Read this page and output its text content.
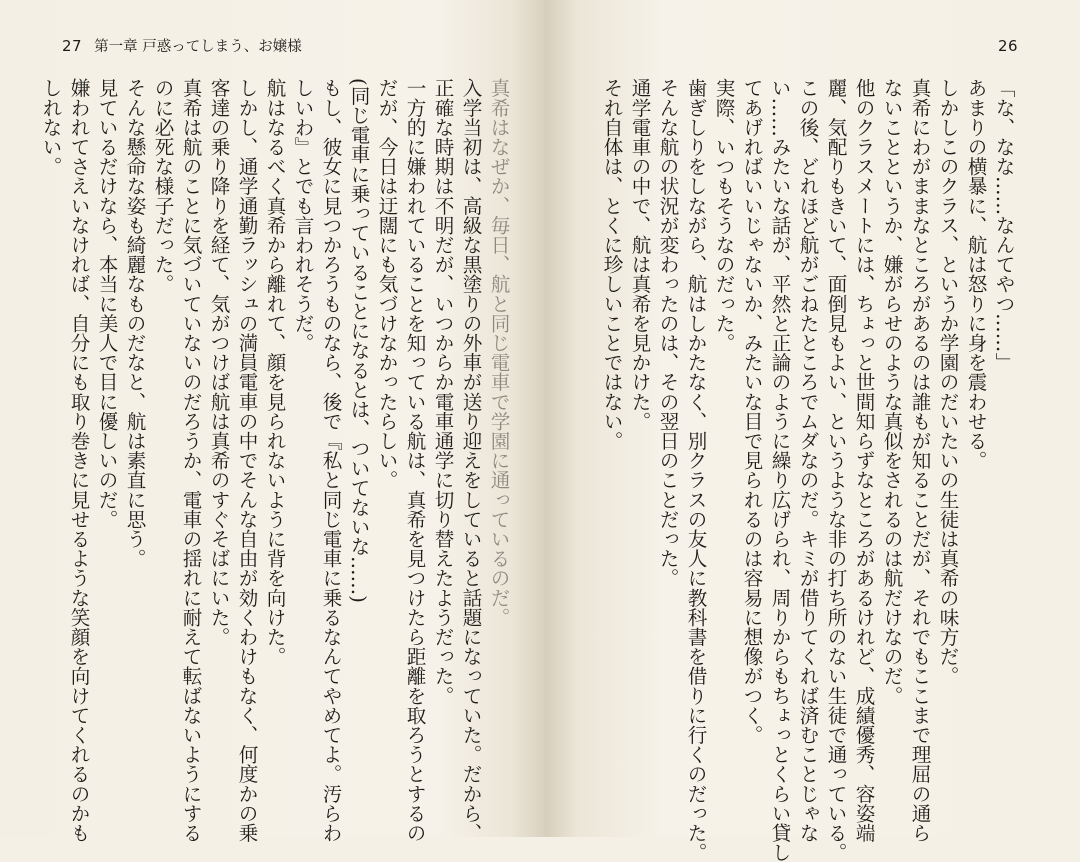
27 第一章 戸惑ってしまう、お嬢様
真希はなぜか、毎日、航と同じ電車で学園に通っているのだ。
入学当初は、高級な黒塗りの外車が送り迎えをしていると話題になっていた。だから、
正確な時期は不明だが、いつからか電車通学に切り替えたようだった。
一方的に嫌われていることを知っている航は、真希を見つけたら距離を取ろうとするの
だが、今日は迂闊にも気づけなかったらしい。
(同じ電車に乗っていることになるとは、ついてないな……)
もし、彼女に見つかろうものなら、後で『私と同じ電車に乗るなんてやめてよ。汚らわ
しいわ』とでも言われそうだ。
航はなるべく真希から離れて、顔を見られないように背を向けた。
しかし、通学通勤ラッシュの満員電車の中でそんな自由が効くわけもなく、何度かの乗
客達の乗り降りを経て、気がつけば航は真希のすぐそばにいた。
真希は航のことに気づいていないのだろうか、電車の揺れに耐えて転ばないようにする
のに必死な様子だった。
そんな懸命な姿も綺麗なものだなと、航は素直に思う。
見ているだけなら、本当に美人で目に優しいのだ。
嫌われてさえいなければ、自分にも取り巻きに見せるような笑顔を向けてくれるのかも
しれない。
26
「な、なな……なんてやつ……」
あまりの横暴に、航は怒りに身を震わせる。
しかしこのクラス、というか学園のだいたいの生徒は真希の味方だ。
真希にわがままなところがあるのは誰もが知ることだが、それでもここまで理屈の通ら
ないことというか、嫌がらせのような真似をされるのは航だけなのだ。
他のクラスメートには、ちょっと世間知らずなところがあるけれど、成績優秀、容姿端
麗、気配りもきいて、面倒見もよい、というような非の打ち所のない生徒で通っている。
この後、どれほど航がごねたところでムダなのだ。キミが借りてくれば済むことじゃな
い……みたいな話が、平然と正論のように繰り広げられ、周りからもちょっとくらい貸し
てあげればいいじゃないか、みたいな目で見られるのは容易に想像がつく。
実際、いつもそうなのだった。
歯ぎしりをしながら、航はしかたなく、別クラスの友人に教科書を借りに行くのだった。
そんな航の状況が変わったのは、その翌日のことだった。
通学電車の中で、航は真希を見かけた。
それ自体は、とくに珍しいことではない。
